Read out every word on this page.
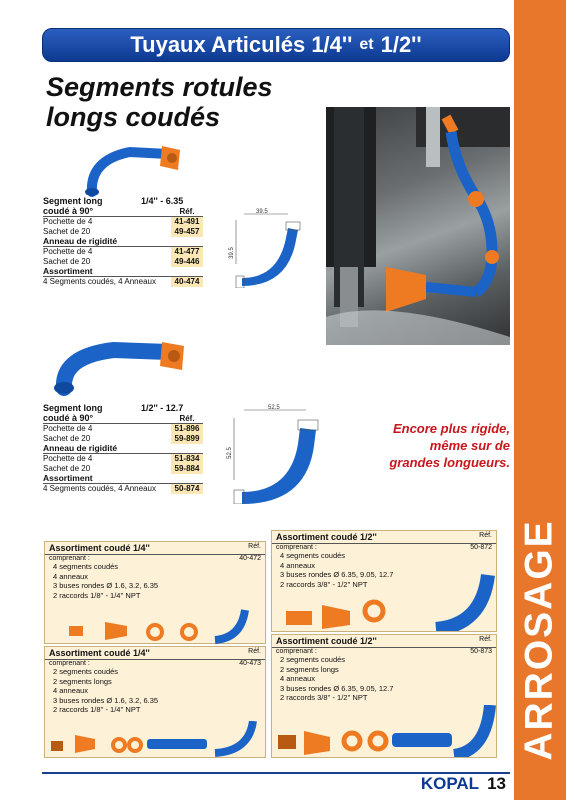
ARROSAGE
Tuyaux Articulés
1/4'' et 1/2''
Segments rotules
longs coudés
39.5
39.5
Segment long	1/4'' - 6.35
coudé à 90°	Réf.
Pochette de 4	41-491
Sachet de 20	49-457
Anneau de rigidité
Pochette de 4	41-477
Sachet de 20	49-446
Assortiment
4 Segments coudés, 4 Anneaux	40-474
52.5
52.5
Segment long	1/2'' - 12.7
coudé à 90°	Réf.
Pochette de 4	51-896
Sachet de 20	59-899
Anneau de rigidité
Pochette de 4	51-834
Sachet de 20	59-884
Assortiment
4 Segments coudés, 4 Anneaux	50-874
Encore plus rigide,
même sur de
grandes longueurs.
Assortiment coudé 1/4''	Réf.
comprenant :	40-472
4 segments coudés
4 anneaux
3 buses rondes Ø 1.6, 3.2, 6.35
2 raccords 1/8'' - 1/4'' NPT
Assortiment coudé 1/4''	Réf.
comprenant :	40-473
2 segments coudés
2 segments longs
4 anneaux
3 buses rondes Ø 1.6, 3.2, 6.35
2 raccords 1/8'' - 1/4'' NPT
Assortiment coudé 1/2''	Réf.
comprenant :	50-872
4 segments coudés
4 anneaux
3 buses rondes Ø 6.35, 9.05, 12.7
2 raccords 3/8'' - 1/2'' NPT
Assortiment coudé 1/2''	Réf.
comprenant :	50-873
2 segments coudés
2 segments longs
4 anneaux
3 buses rondes Ø 6.35, 9.05, 12.7
2 raccords 3/8'' - 1/2'' NPT
KOPAL 13
